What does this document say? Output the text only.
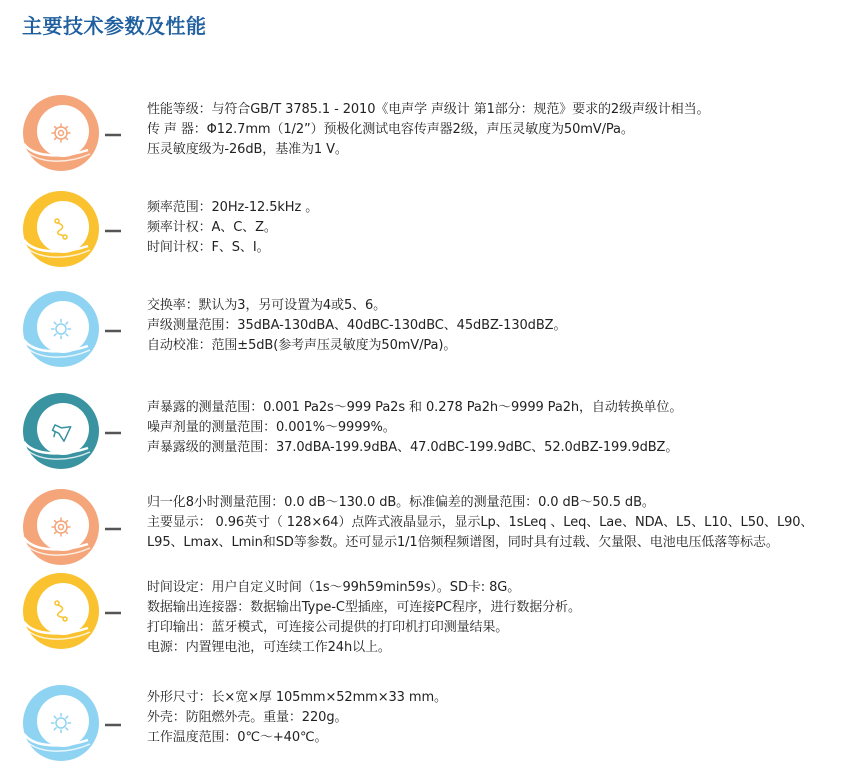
主要技术参数及性能
性能等级：与符合GB/T 3785.1 - 2010《电声学 声级计 第1部分：规范》要求的2级声级计相当。
传 声 器：Φ12.7mm（1/2”）预极化测试电容传声器2级，声压灵敏度为50mV/Pa。
压灵敏度级为-26dB，基准为1 V。
频率范围：20Hz-12.5kHz 。
频率计权：A、C、Z。
时间计权：F、S、I。
交换率：默认为3，另可设置为4或5、6。
声级测量范围：35dBA-130dBA、40dBC-130dBC、45dBZ-130dBZ。
自动校准：范围±5dB(参考声压灵敏度为50mV/Pa)。
声暴露的测量范围：0.001 Pa2s～999 Pa2s 和 0.278 Pa2h～9999 Pa2h，自动转换单位。
噪声剂量的测量范围：0.001%～9999%。
声暴露级的测量范围：37.0dBA-199.9dBA、47.0dBC-199.9dBC、52.0dBZ-199.9dBZ。
归一化8小时测量范围：0.0 dB～130.0 dB。标准偏差的测量范围：0.0 dB～50.5 dB。
主要显示： 0.96英寸（ 128×64）点阵式液晶显示，显示Lp、1sLeq 、Leq、Lae、NDA、L5、L10、L50、L90、
L95、Lmax、Lmin和SD等参数。还可显示1/1倍频程频谱图，同时具有过载、欠量限、电池电压低落等标志。
时间设定：用户自定义时间（1s～99h59min59s）。SD卡: 8G。
数据输出连接器：数据输出Type-C型插座，可连接PC程序，进行数据分析。
打印输出：蓝牙模式，可连接公司提供的打印机打印测量结果。
电源：内置锂电池，可连续工作24h以上。
外形尺寸：长×宽×厚 105mm×52mm×33 mm。
外壳：防阻燃外壳。重量：220g。
工作温度范围：0℃～+40℃。
